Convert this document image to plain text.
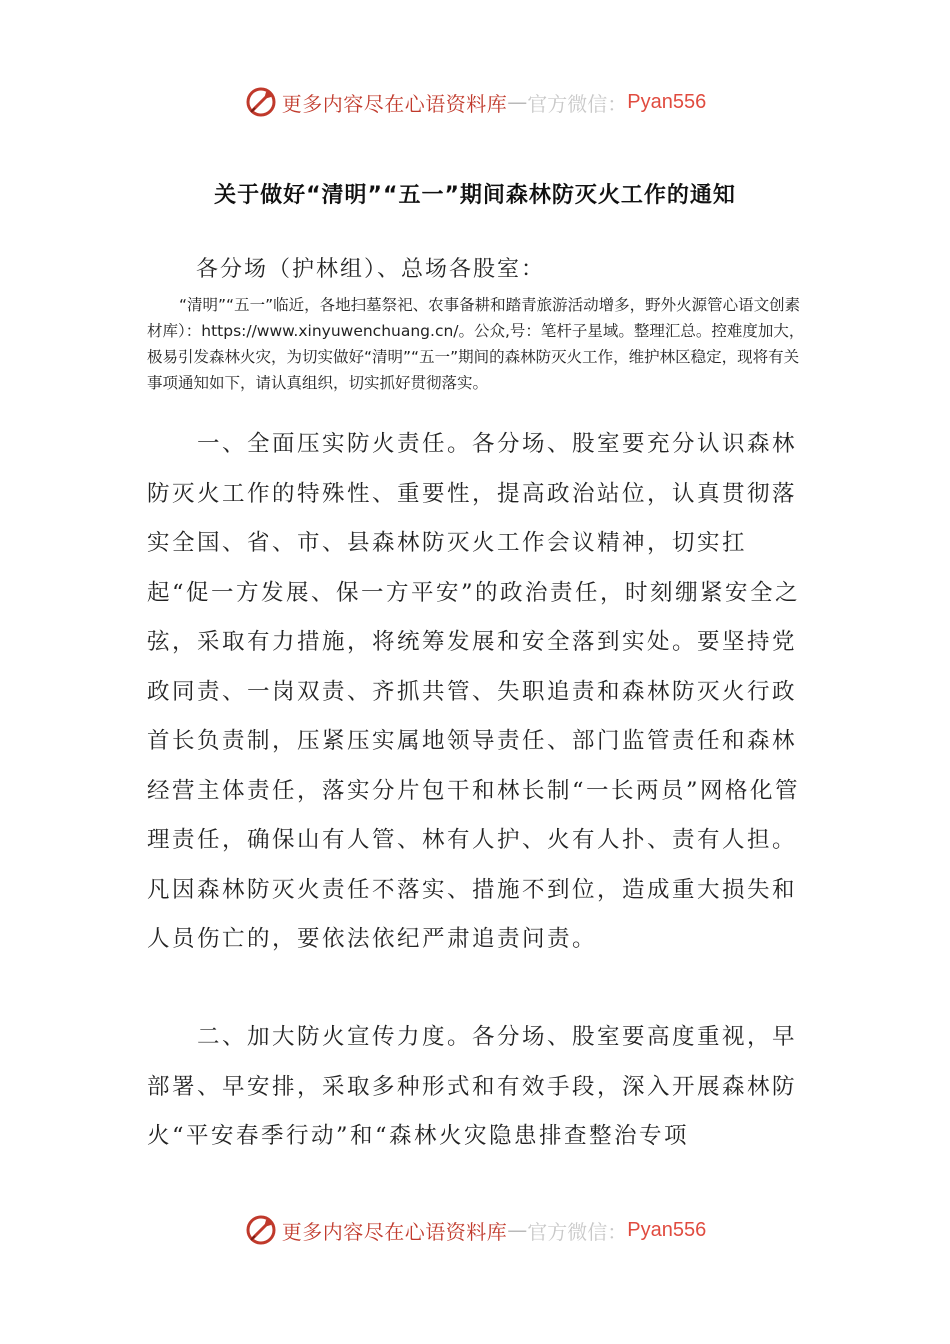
更多内容尽在心语资料库 — 官方微信： Pyan556
关于做好“清明”“五一”期间森林防灭火工作的通知

各分场（护林组）、总场各股室：

“清明”“五一”临近，各地扫墓祭祀、农事备耕和踏青旅游活动增多，野外火源管心语文创素材库）：https://www.xinyuwenchuang.cn/。公众,号：笔杆子星域。整理汇总。控难度加大，极易引发森林火灾，为切实做好“清明”“五一”期间的森林防灭火工作，维护林区稳定，现将有关事项通知如下，请认真组织，切实抓好贯彻落实。

一、全面压实防火责任。各分场、股室要充分认识森林防灭火工作的特殊性、重要性，提高政治站位，认真贯彻落实全国、省、市、县森林防灭火工作会议精神，切实扛起“促一方发展、保一方平安”的政治责任，时刻绷紧安全之弦，采取有力措施，将统筹发展和安全落到实处。要坚持党政同责、一岗双责、齐抓共管、失职追责和森林防灭火行政首长负责制，压紧压实属地领导责任、部门监管责任和森林经营主体责任，落实分片包干和林长制“一长两员”网格化管理责任，确保山有人管、林有人护、火有人扑、责有人担。凡因森林防灭火责任不落实、措施不到位，造成重大损失和人员伤亡的，要依法依纪严肃追责问责。

二、加大防火宣传力度。各分场、股室要高度重视，早部署、早安排，采取多种形式和有效手段，深入开展森林防火“平安春季行动”和“森林火灾隐患排查整治专项

更多内容尽在心语资料库 — 官方微信： Pyan556
